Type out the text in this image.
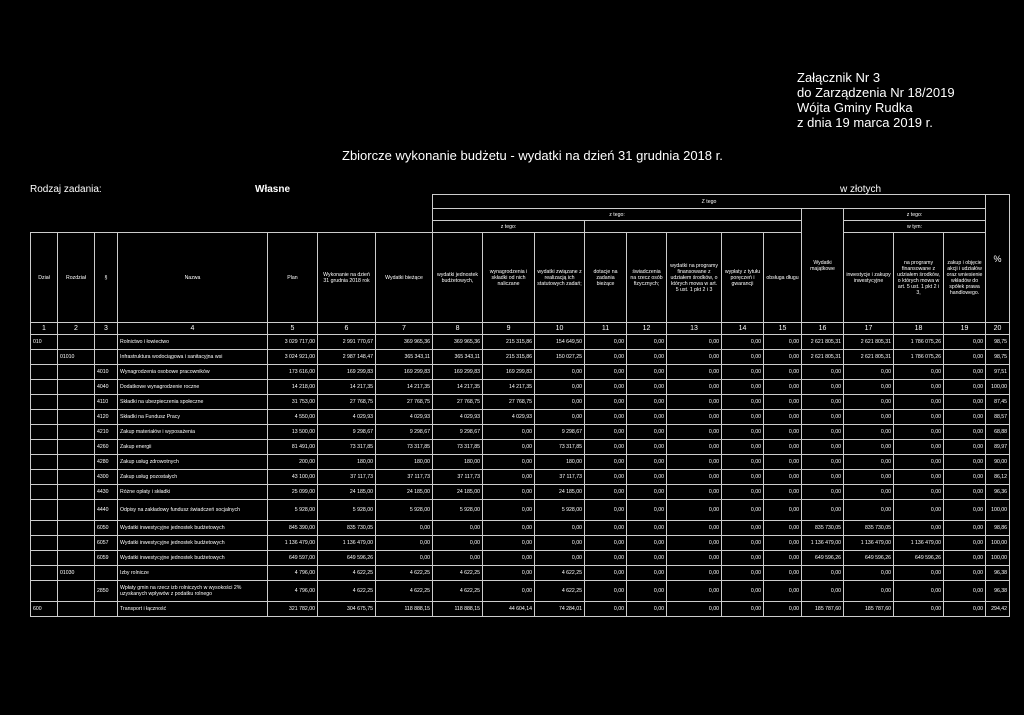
Załącznik Nr 3
do Zarządzenia Nr 18/2019
Wójta Gminy Rudka
z dnia 19 marca 2019 r.
Zbiorcze wykonanie budżetu - wydatki na dzień 31 grudnia 2018 r.
Rodzaj zadania:	Własne	w złotych
							Z tego												%
							z tego:								Wydatki majątkowe	z tego:			
							z tego:									w tym:			
Dział	Rozdział	§	Nazwa	Plan	Wykonanie na dzień 31 grudnia 2018 rok	Wydatki bieżące	wydatki jednostek budżetowych,	wynagrodzenia i składki od nich naliczane	wydatki związane z realizacją ich statutowych zadań;	dotacje na zadania bieżące	świadczenia na rzecz osób fizycznych;	wydatki na programy finansowane z udziałem środków, o których mowa w art. 5 ust. 1 pkt 2 i 3	wypłaty z tytułu poręczeń i gwarancji	obsługa długu		inwestycje i zakupy inwestycyjne	na programy finansowane z udziałem środków, o których mowa w art. 5 ust. 1 pkt 2 i 3,	zakup i objęcie akcji i udziałów oraz wniesienie wkładów do spółek prawa handlowego.	
1	2	3	4	5	6	7	8	9	10	11	12	13	14	15	16	17	18	19	20
010			Rolnictwo i łowiectwo	3 029 717,00	2 991 770,67	369 965,36	369 965,36	215 315,86	154 649,50	0,00	0,00	0,00	0,00	0,00	2 621 805,31	2 621 805,31	1 786 075,26	0,00	98,75
	01010		Infrastruktura wodociągowa i sanitacyjna wsi	3 024 921,00	2 987 148,47	365 343,11	365 343,11	215 315,86	150 027,25	0,00	0,00	0,00	0,00	0,00	2 621 805,31	2 621 805,31	1 786 075,26	0,00	98,75
		4010	Wynagrodzenia osobowe pracowników	173 616,00	169 299,83	169 299,83	169 299,83	169 299,83	0,00	0,00	0,00	0,00	0,00	0,00	0,00	0,00	0,00	0,00	97,51
		4040	Dodatkowe wynagrodzenie roczne	14 218,00	14 217,35	14 217,35	14 217,35	14 217,35	0,00	0,00	0,00	0,00	0,00	0,00	0,00	0,00	0,00	0,00	100,00
		4110	Składki na ubezpieczenia społeczne	31 753,00	27 768,75	27 768,75	27 768,75	27 768,75	0,00	0,00	0,00	0,00	0,00	0,00	0,00	0,00	0,00	0,00	87,45
		4120	Składki na Fundusz Pracy	4 550,00	4 029,93	4 029,93	4 029,93	4 029,93	0,00	0,00	0,00	0,00	0,00	0,00	0,00	0,00	0,00	0,00	88,57
		4210	Zakup materiałów i wyposażenia	13 500,00	9 298,67	9 298,67	9 298,67	0,00	9 298,67	0,00	0,00	0,00	0,00	0,00	0,00	0,00	0,00	0,00	68,88
		4260	Zakup energii	81 491,00	73 317,85	73 317,85	73 317,85	0,00	73 317,85	0,00	0,00	0,00	0,00	0,00	0,00	0,00	0,00	0,00	89,97
		4280	Zakup usług zdrowotnych	200,00	180,00	180,00	180,00	0,00	180,00	0,00	0,00	0,00	0,00	0,00	0,00	0,00	0,00	0,00	90,00
		4300	Zakup usług pozostałych	43 100,00	37 117,73	37 117,73	37 117,73	0,00	37 117,73	0,00	0,00	0,00	0,00	0,00	0,00	0,00	0,00	0,00	86,12
		4430	Różne opłaty i składki	25 099,00	24 185,00	24 185,00	24 185,00	0,00	24 185,00	0,00	0,00	0,00	0,00	0,00	0,00	0,00	0,00	0,00	96,36
		4440	Odpisy na zakładowy fundusz świadczeń socjalnych	5 928,00	5 928,00	5 928,00	5 928,00	0,00	5 928,00	0,00	0,00	0,00	0,00	0,00	0,00	0,00	0,00	0,00	100,00
		6050	Wydatki inwestycyjne jednostek budżetowych	845 390,00	835 730,05	0,00	0,00	0,00	0,00	0,00	0,00	0,00	0,00	0,00	835 730,05	835 730,05	0,00	0,00	98,86
		6057	Wydatki inwestycyjne jednostek budżetowych	1 136 479,00	1 136 479,00	0,00	0,00	0,00	0,00	0,00	0,00	0,00	0,00	0,00	1 136 479,00	1 136 479,00	1 136 479,00	0,00	100,00
		6059	Wydatki inwestycyjne jednostek budżetowych	649 597,00	649 596,26	0,00	0,00	0,00	0,00	0,00	0,00	0,00	0,00	0,00	649 596,26	649 596,26	649 596,26	0,00	100,00
	01030		Izby rolnicze	4 796,00	4 622,25	4 622,25	4 622,25	0,00	4 622,25	0,00	0,00	0,00	0,00	0,00	0,00	0,00	0,00	0,00	96,38
		2850	Wpłaty gmin na rzecz izb rolniczych w wysokości 2% uzyskanych wpływów z podatku rolnego	4 796,00	4 622,25	4 622,25	4 622,25	0,00	4 622,25	0,00	0,00	0,00	0,00	0,00	0,00	0,00	0,00	0,00	96,38
600			Transport i łączność	321 782,00	304 675,75	118 888,15	118 888,15	44 604,14	74 284,01	0,00	0,00	0,00	0,00	0,00	185 787,60	185 787,60	0,00	0,00	294,42
